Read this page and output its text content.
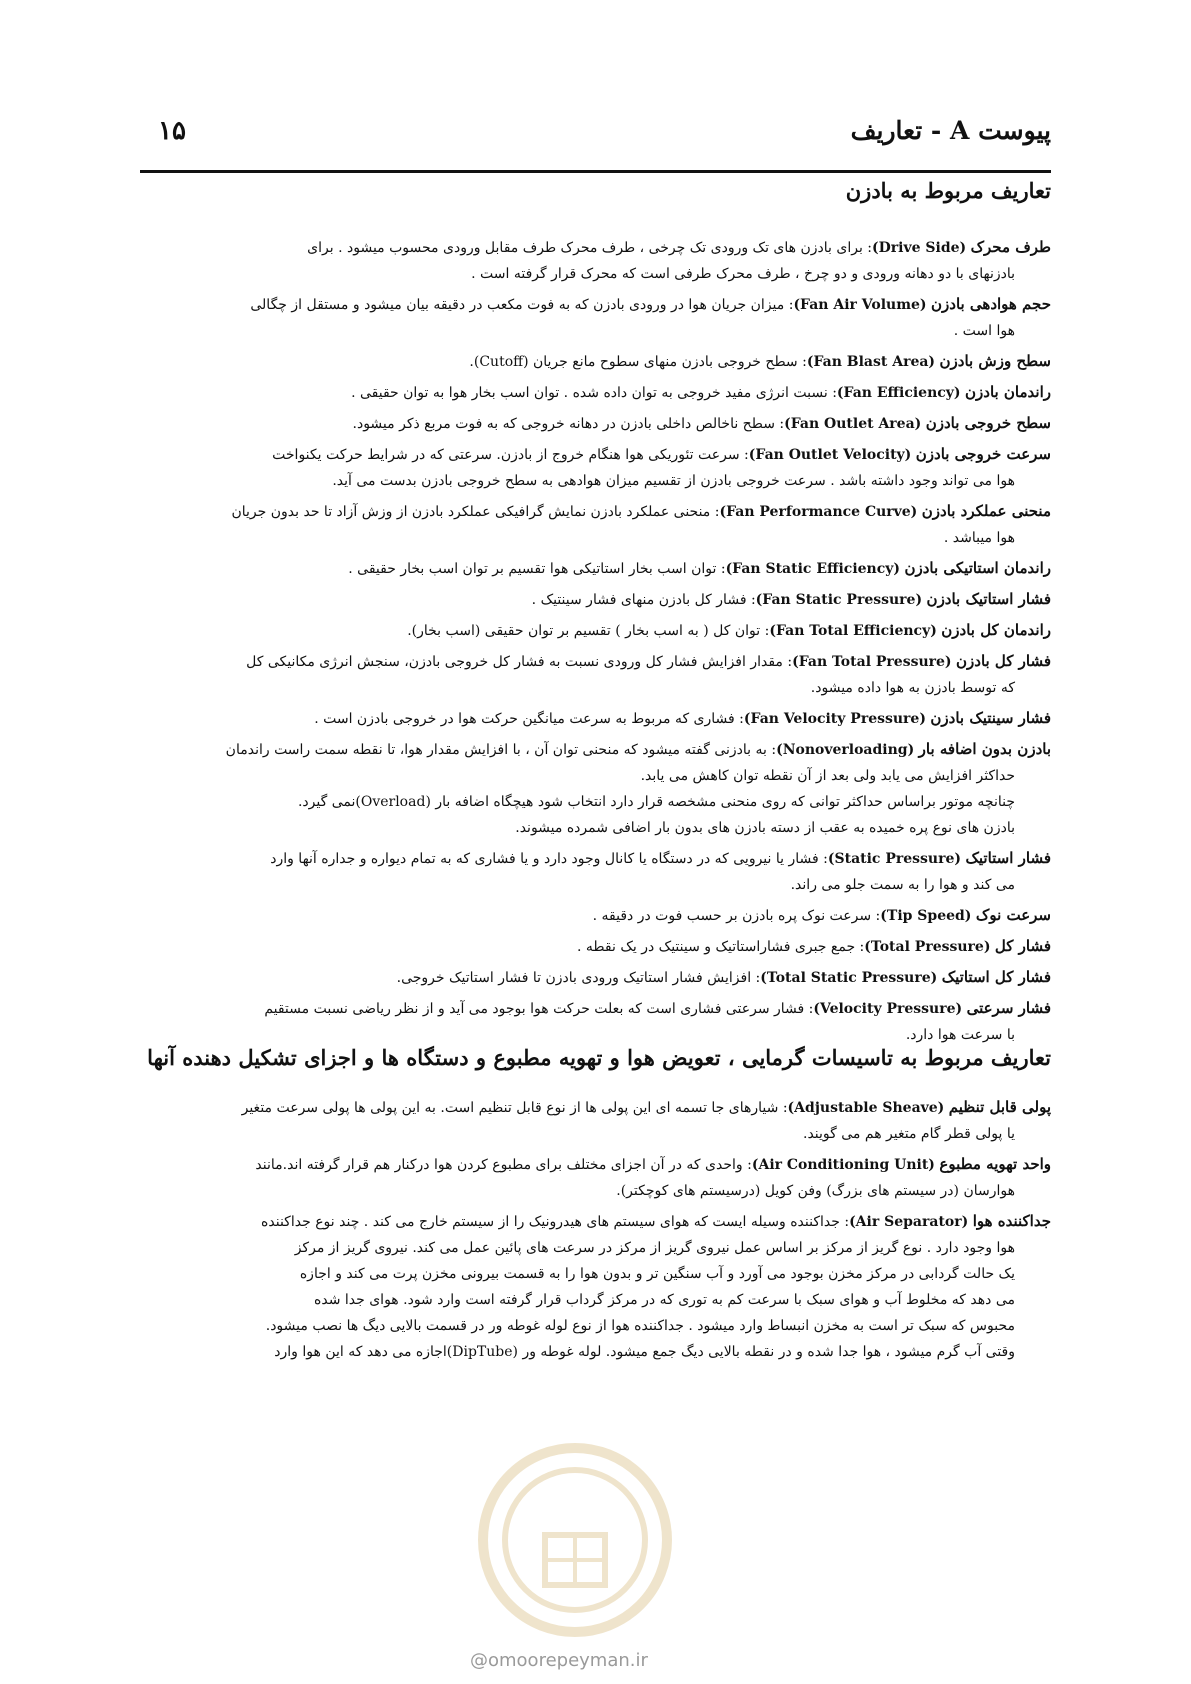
پیوست A - تعاریف
۱۵
تعاریف مربوط به بادزن
طرف محرک (Drive Side): برای بادزن های تک ورودی تک چرخی ، طرف محرک طرف مقابل ورودی محسوب میشود . برای
بادزنهای با دو دهانه ورودی و دو چرخ ، طرف محرک طرفی است که محرک قرار گرفته است .
حجم هوادهی بادزن (Fan Air Volume): میزان جریان هوا در ورودی بادزن که به فوت مکعب در دقیقه بیان میشود و مستقل از چگالی
هوا است .
سطح وزش بادزن (Fan Blast Area): سطح خروجی بادزن منهای سطوح مانع جریان (Cutoff).
راندمان بادزن (Fan Efficiency): نسبت انرژی مفید خروجی به توان داده شده . توان اسب بخار هوا به توان حقیقی .
سطح خروجی بادزن (Fan Outlet Area): سطح ناخالص داخلی بادزن در دهانه خروجی که به فوت مربع ذکر میشود.
سرعت خروجی بادزن (Fan Outlet Velocity): سرعت تئوریکی هوا هنگام خروج از بادزن. سرعتی که در شرایط حرکت یکنواخت
هوا می تواند وجود داشته باشد . سرعت خروجی بادزن از تقسیم میزان هوادهی به سطح خروجی بادزن بدست می آید.
منحنی عملکرد بادزن (Fan Performance Curve): منحنی عملکرد بادزن نمایش گرافیکی عملکرد بادزن از وزش آزاد تا حد بدون جریان
هوا میباشد .
راندمان استاتیکی بادزن (Fan Static Efficiency): توان اسب بخار استاتیکی هوا تقسیم بر توان اسب بخار حقیقی .
فشار استاتیک بادزن (Fan Static Pressure): فشار کل بادزن منهای فشار سینتیک .
راندمان کل بادزن (Fan Total Efficiency): توان کل ( به اسب بخار ) تقسیم بر توان حقیقی (اسب بخار).
فشار کل بادزن (Fan Total Pressure): مقدار افزایش فشار کل ورودی نسبت به فشار کل خروجی بادزن، سنجش انرژی مکانیکی کل
که توسط بادزن به هوا داده میشود.
فشار سینتیک بادزن (Fan Velocity Pressure): فشاری که مربوط به سرعت میانگین حرکت هوا در خروجی بادزن است .
بادزن بدون اضافه بار (Nonoverloading): به بادزنی گفته میشود که منحنی توان آن ، با افزایش مقدار هوا، تا نقطه سمت راست راندمان
حداکثر افزایش می یابد ولی بعد از آن نقطه توان کاهش می یابد.
چنانچه موتور براساس حداکثر توانی که روی منحنی مشخصه قرار دارد انتخاب شود هیچگاه اضافه بار (Overload)نمی گیرد.
بادزن های نوع پره خمیده به عقب از دسته بادزن های بدون بار اضافی شمرده میشوند.
فشار استاتیک (Static Pressure): فشار یا نیرویی که در دستگاه یا کانال وجود دارد و یا فشاری که به تمام دیواره و جداره آنها وارد
می کند و هوا را به سمت جلو می راند.
سرعت نوک (Tip Speed): سرعت نوک پره بادزن بر حسب فوت در دقیقه .
فشار کل (Total Pressure): جمع جبری فشاراستاتیک و سینتیک در یک نقطه .
فشار کل استاتیک (Total Static Pressure): افزایش فشار استاتیک ورودی بادزن تا فشار استاتیک خروجی.
فشار سرعتی (Velocity Pressure): فشار سرعتی فشاری است که بعلت حرکت هوا بوجود می آید و از نظر ریاضی نسبت مستقیم
با سرعت هوا دارد.
تعاریف مربوط به تاسیسات گرمایی ، تعویض هوا و تهویه مطبوع و دستگاه ها و اجزای تشکیل دهنده آنها
پولی قابل تنظیم (Adjustable Sheave): شیارهای جا تسمه ای این پولی ها از نوع قابل تنظیم است. به این پولی ها پولی سرعت متغیر
یا پولی قطر گام متغیر هم می گویند.
واحد تهویه مطبوع (Air Conditioning Unit): واحدی که در آن اجزای مختلف برای مطبوع کردن هوا درکنار هم قرار گرفته اند.مانند
هوارسان (در سیستم های بزرگ) وفن کویل (درسیستم های کوچکتر).
جداکننده هوا (Air Separator): جداکننده وسیله ایست که هوای سیستم های هیدرونیک را از سیستم خارج می کند . چند نوع جداکننده
هوا وجود دارد . نوع گریز از مرکز بر اساس عمل نیروی گریز از مرکز در سرعت های پائین عمل می کند. نیروی گریز از مرکز
یک حالت گردابی در مرکز مخزن بوجود می آورد و آب سنگین تر و بدون هوا را به قسمت بیرونی مخزن پرت می کند و اجازه
می دهد که مخلوط آب و هوای سبک با سرعت کم به توری که در مرکز گرداب قرار گرفته است وارد شود. هوای جدا شده
محبوس که سبک تر است به مخزن انبساط وارد میشود . جداکننده هوا از نوع لوله غوطه ور در قسمت بالایی دیگ ها نصب میشود.
وقتی آب گرم میشود ، هوا جدا شده و در نقطه بالایی دیگ جمع میشود. لوله غوطه ور (DipTube)اجازه می دهد که این هوا وارد
@omoorepeyman.ir
